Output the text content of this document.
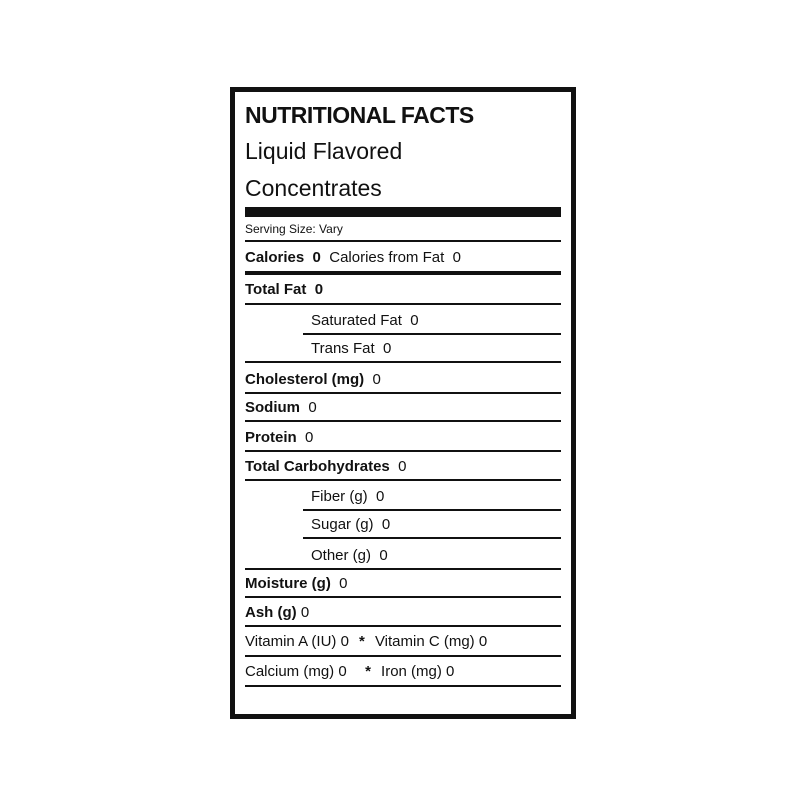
NUTRITIONAL FACTS
Liquid Flavored
Concentrates
Serving Size: Vary
Calories 0 Calories from Fat 0
Total Fat 0
Saturated Fat 0
Trans Fat 0
Cholesterol (mg) 0
Sodium 0
Protein 0
Total Carbohydrates 0
Fiber (g) 0
Sugar (g) 0
Other (g) 0
Moisture (g) 0
Ash (g) 0
Vitamin A (IU) 0 * Vitamin C (mg) 0
Calcium (mg) 0 * Iron (mg) 0
